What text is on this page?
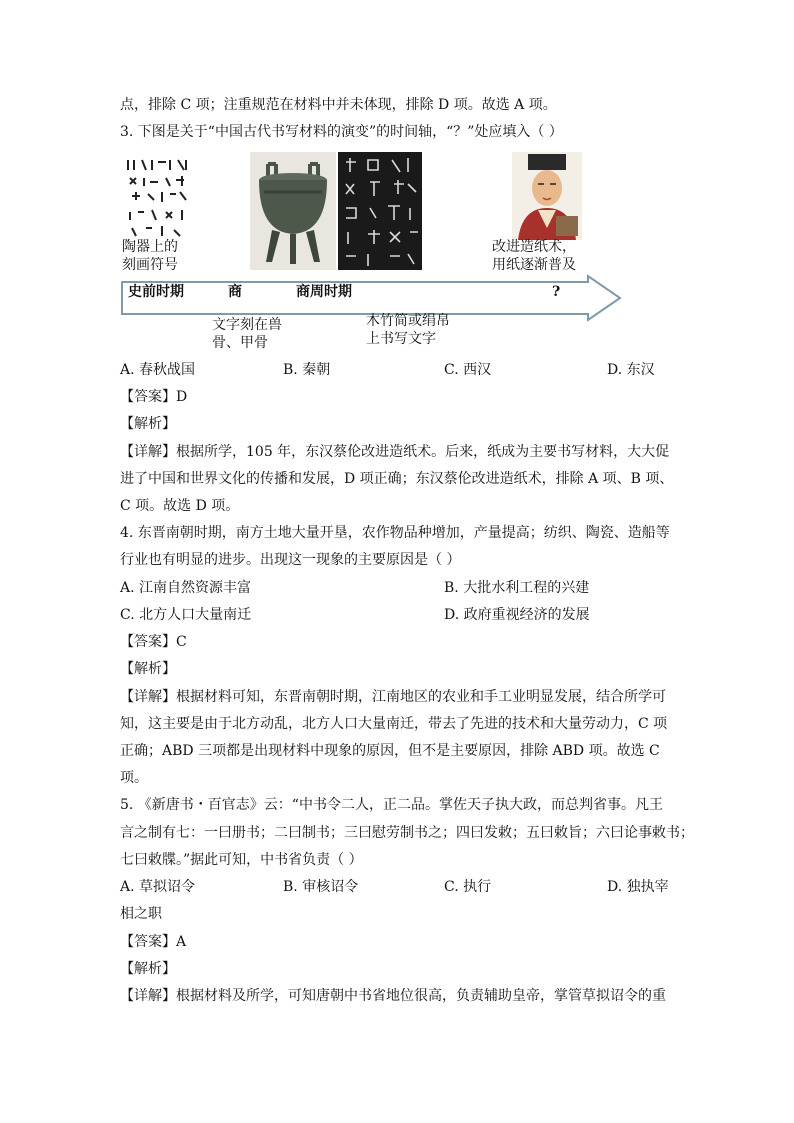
点，排除 C 项；注重规范在材料中并未体现，排除 D 项。故选 A 项。
3. 下图是关于“中国古代书写材料的演变”的时间轴，“？”处应填入（ ）
陶器上的
刻画符号
改进造纸术，
用纸逐渐普及
史前时期	商	商周时期	?
文字刻在兽
骨、甲骨
木竹简或绢帛
上书写文字
A. 春秋战国	B. 秦朝	C. 西汉	D. 东汉
【答案】D
【解析】
【详解】根据所学，105 年，东汉蔡伦改进造纸术。后来，纸成为主要书写材料，大大促
进了中国和世界文化的传播和发展，D 项正确；东汉蔡伦改进造纸术，排除 A 项、B 项、
C 项。故选 D 项。
4. 东晋南朝时期，南方土地大量开垦，农作物品种增加，产量提高；纺织、陶瓷、造船等
行业也有明显的进步。出现这一现象的主要原因是（ ）
A. 江南自然资源丰富	B. 大批水利工程的兴建
C. 北方人口大量南迁	D. 政府重视经济的发展
【答案】C
【解析】
【详解】根据材料可知，东晋南朝时期，江南地区的农业和手工业明显发展，结合所学可
知，这主要是由于北方动乱，北方人口大量南迁，带去了先进的技术和大量劳动力，C 项
正确；ABD 三项都是出现材料中现象的原因，但不是主要原因，排除 ABD 项。故选 C
项。
5. 《新唐书・百官志》云：“中书令二人，正二品。掌佐天子执大政，而总判省事。凡王
言之制有七：一曰册书；二曰制书；三曰慰劳制书之；四曰发敕；五曰敕旨；六曰论事敕书；
七曰敕牒。”据此可知，中书省负责（ ）
A. 草拟诏令	B. 审核诏令	C. 执行	D. 独执宰
相之职
【答案】A
【解析】
【详解】根据材料及所学，可知唐朝中书省地位很高，负责辅助皇帝，掌管草拟诏令的重
